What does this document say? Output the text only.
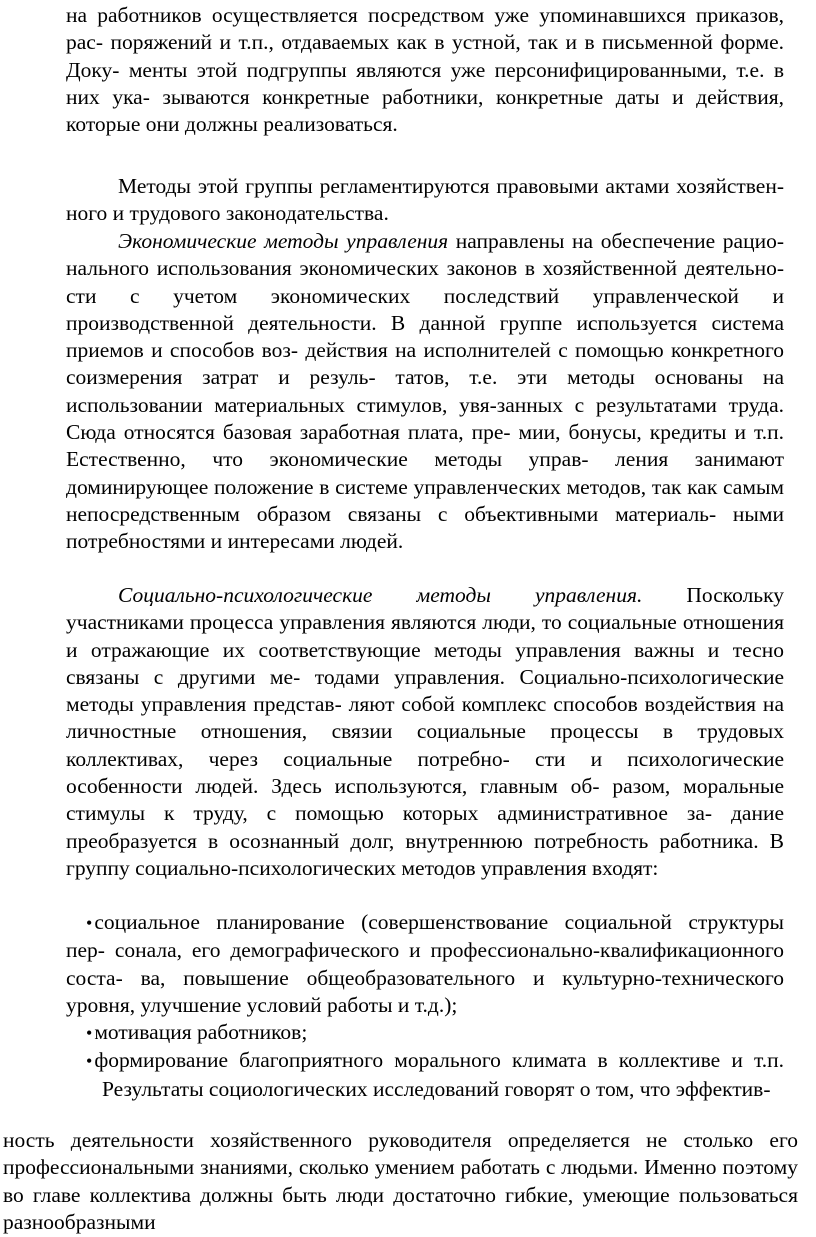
на работников осуществляется посредством уже упоминавшихся приказов, рас- поряжений и т.п., отдаваемых как в устной, так и в письменной форме. Доку- менты этой подгруппы являются уже персонифицированными, т.е. в них ука- зываются конкретные работники, конкретные даты и действия, которые они должны реализоваться.

Методы этой группы регламентируются правовыми актами хозяйствен-ного и трудового законодательства.

Экономические методы управления направлены на обеспечение рацио- нального использования экономических законов в хозяйственной деятельно- сти с учетом экономических последствий управленческой и производственной деятельности. В данной группе используется система приемов и способов воз- действия на исполнителей с помощью конкретного соизмерения затрат и резуль- татов, т.е. эти методы основаны на использовании материальных стимулов, увя-занных с результатами труда. Сюда относятся базовая заработная плата, пре- мии, бонусы, кредиты и т.п. Естественно, что экономические методы управ- ления занимают доминирующее положение в системе управленческих методов, так как самым непосредственным образом связаны с объективными материаль- ными потребностями и интересами людей.

Социально-психологические методы управления. Поскольку участниками процесса управления являются люди, то социальные отношения и отражающие их соответствующие методы управления важны и тесно связаны с другими ме- тодами управления. Социально-психологические методы управления представ- ляют собой комплекс способов воздействия на личностные отношения, связии социальные процессы в трудовых коллективах, через социальные потребно- сти и психологические особенности людей. Здесь используются, главным об- разом, моральные стимулы к труду, с помощью которых административное за- дание преобразуется в осознанный долг, внутреннюю потребность работника. В группу социально-психологических методов управления входят:

•социальное планирование (совершенствование социальной структуры пер- сонала, его демографического и профессионально-квалификационного соста- ва, повышение общеобразовательного и культурно-технического уровня, улучшение условий работы и т.д.);
•мотивация работников;
•формирование благоприятного морального климата в коллективе и т.п. Результаты социологических исследований говорят о том, что эффектив-

ность деятельности хозяйственного руководителя определяется не столько его профессиональными знаниями, сколько умением работать с людьми. Именно поэтому во главе коллектива должны быть люди достаточно гибкие, умеющие пользоваться разнообразными
